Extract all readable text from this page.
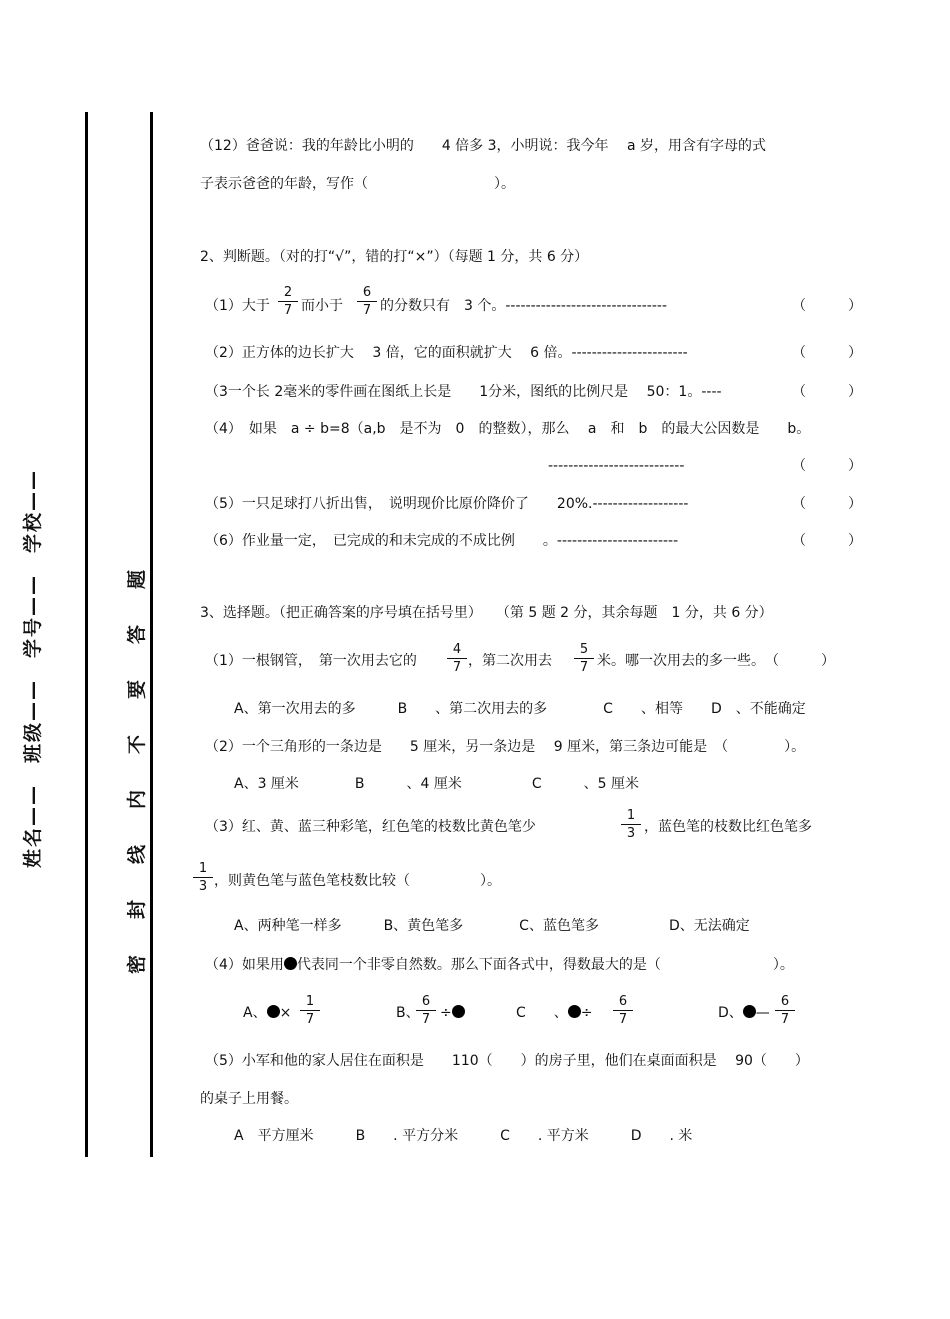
姓名——　班级——　学号——　学校——	密封线内不要答题
（12）爸爸说：我的年龄比小明的　　4 倍多 3，小明说：我今年　 a 岁，用含有字母的式
子表示爸爸的年龄，写作（　　　　　　　　　）。
2、判断题。（对的打“√”，错的打“×”）（每题 1 分，共 6 分）
（1）大于 $\frac{2}{7}$ 而小于 $\frac{6}{7}$ 的分数只有　3 个。--------------------------------	（　　　）
（2）正方体的边长扩大　 3 倍，它的面积就扩大　 6 倍。-----------------------	（　　　）
（3一个长 2毫米的零件画在图纸上长是　　1分米，图纸的比例尺是　 50：1。----	（　　　）
（4）　如果　a ÷ b=8（a,b　是不为　0　的整数），那么　 a　和　b　的最大公因数是　　b。
---------------------------	（　　　）
（5）一只足球打八折出售，　说明现价比原价降价了　　20%.-------------------	（　　　）
（6）作业量一定，　已完成的和未完成的不成比例　　。------------------------	（　　　）
3、选择题。（把正确答案的序号填在括号里）　　（第 5 题 2 分，其余每题　1 分，共 6 分）
（1）一根钢管，　第一次用去它的 $\frac{4}{7}$ ，第二次用去 $\frac{5}{7}$ 米。哪一次用去的多一些。　（　　　）
A、第一次用去的多　　　B　　、第二次用去的多　　　　C　　、相等　　D　、不能确定
（2）一个三角形的一条边是　　5 厘米，另一条边是　 9 厘米，第三条边可能是　（　　　　）。
A、3 厘米　　　　B　　　、4 厘米　　　　　C　　　、5 厘米
（3）红、黄、蓝三种彩笔，红色笔的枝数比黄色笔少	$\frac{1}{3}$ ，蓝色笔的枝数比红色笔多
$\frac{1}{3}$ ，则黄色笔与蓝色笔枝数比较（　　　　　）。
A、两种笔一样多　　　B、黄色笔多　　　　C、蓝色笔多　　　　　D、无法确定
（4）如果用 代表同一个非零自然数。那么下面各式中，得数最大的是（　　　　　　　　）。
A、 × $\frac{1}{7}$	B、
$\frac{6}{7}$ ÷	C　　、 ÷ $\frac{6}{7}$	D、 — $\frac{6}{7}$
（5）小军和他的家人居住在面积是　　110（　　）的房子里，他们在桌面面积是　 90（　　）
的桌子上用餐。
A　平方厘米　　　B　　. 平方分米　　　C　　. 平方米　　　D　　. 米
